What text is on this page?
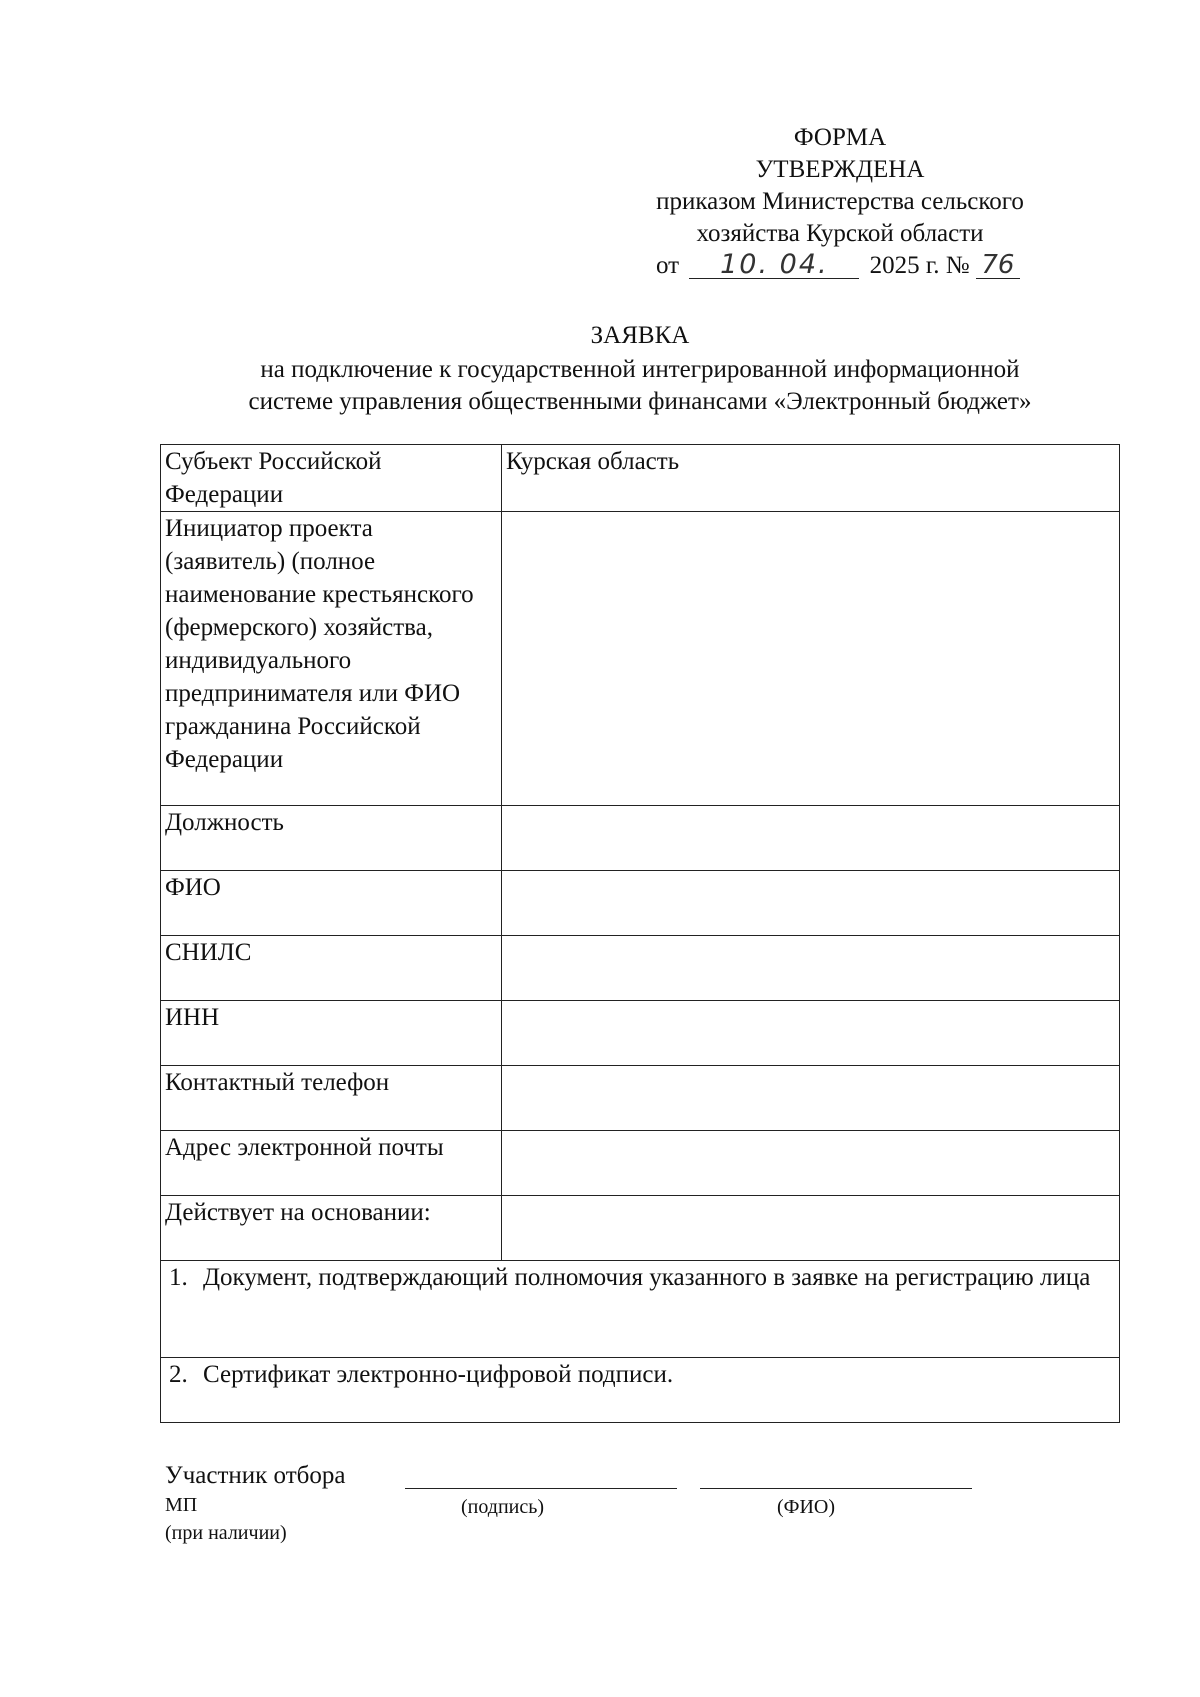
ФОРМА
УТВЕРЖДЕНА
приказом Министерства сельского
хозяйства Курской области
от 10. 04. 2025 г. № 76
ЗАЯВКА
на подключение к государственной интегрированной информационной
системе управления общественными финансами «Электронный бюджет»
Субъект Российской Федерации	Курская область
Инициатор проекта (заявитель) (полное наименование крестьянского (фермерского) хозяйства, индивидуального предпринимателя или ФИО гражданина Российской Федерации	
Должность	
ФИО	
СНИЛС	
ИНН	
Контактный телефон	
Адрес электронной почты	
Действует на основании:	

1. Документ, подтверждающий полномочия указанного в заявке на регистрацию лица	

2. Сертификат электронно-цифровой подписи.	
Участник отбора
МП
(при наличии)
(подпись)	(ФИО)
